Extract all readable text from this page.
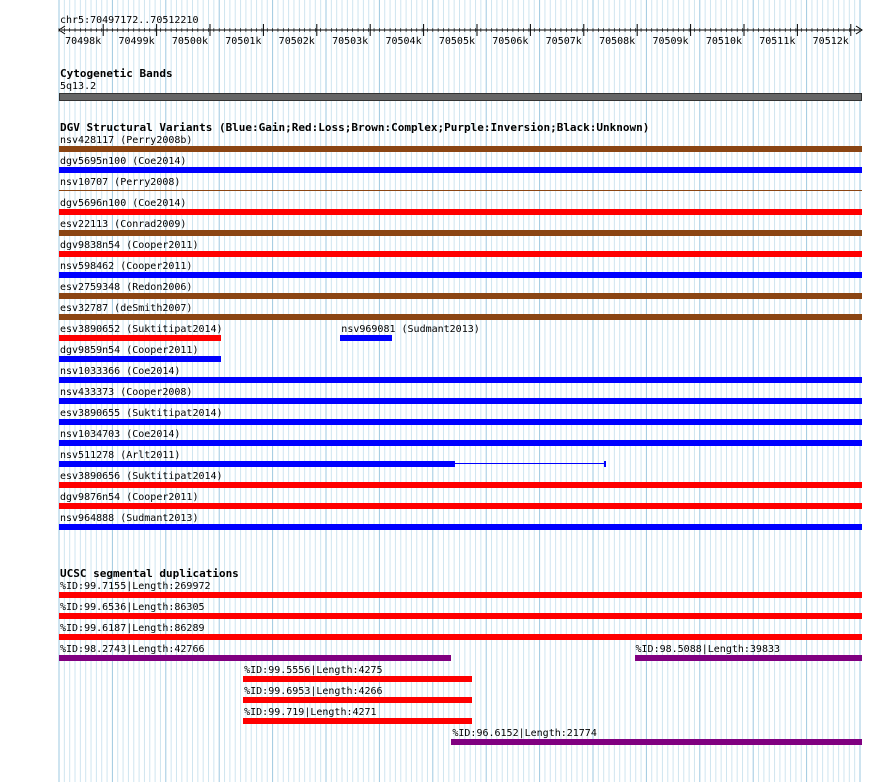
chr5:70497172..70512210
70498k 70499k 70500k 70501k 70502k 70503k 70504k 70505k 70506k 70507k 70508k 70509k 70510k 70511k 70512k
Cytogenetic Bands
5q13.2
DGV Structural Variants (Blue:Gain;Red:Loss;Brown:Complex;Purple:Inversion;Black:Unknown)
nsv428117 (Perry2008b)
dgv5695n100 (Coe2014)
nsv10707 (Perry2008)
dgv5696n100 (Coe2014)
esv22113 (Conrad2009)
dgv9838n54 (Cooper2011)
nsv598462 (Cooper2011)
esv2759348 (Redon2006)
esv32787 (deSmith2007)
esv3890652 (Suktitipat2014)	nsv969081 (Sudmant2013)
dgv9859n54 (Cooper2011)
nsv1033366 (Coe2014)
nsv433373 (Cooper2008)
esv3890655 (Suktitipat2014)
nsv1034703 (Coe2014)
nsv511278 (Arlt2011)
esv3890656 (Suktitipat2014)
dgv9876n54 (Cooper2011)
nsv964888 (Sudmant2013)
UCSC segmental duplications
%ID:99.7155|Length:269972
%ID:99.6536|Length:86305
%ID:99.6187|Length:86289
%ID:98.2743|Length:42766	%ID:98.5088|Length:39833
%ID:99.5556|Length:4275
%ID:99.6953|Length:4266
%ID:99.719|Length:4271
%ID:96.6152|Length:21774
